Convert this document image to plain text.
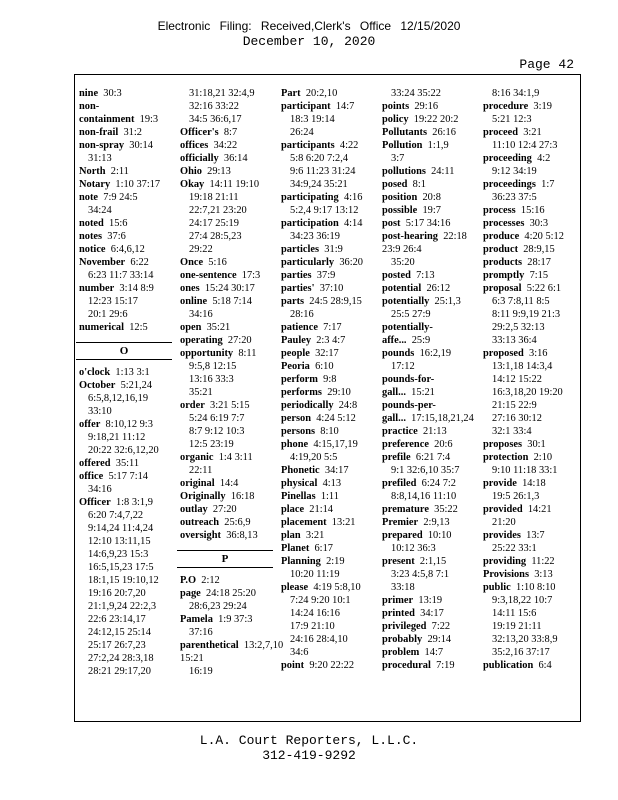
Electronic Filing: Received,Clerk's Office 12/15/2020
December 10, 2020
Page 42
nine 30:3
non-containment 19:3
non-frail 31:2
non-spray 30:14
31:13
North 2:11
Notary 1:10 37:17
note 7:9 24:5
34:24
noted 15:6
notes 37:6
notice 6:4,6,12
November 6:22
6:23 11:7 33:14
number 3:14 8:9
12:23 15:17
20:1 29:6
numerical 12:5
O
o'clock 1:13 3:1
October 5:21,24
6:5,8,12,16,19
33:10
offer 8:10,12 9:3
9:18,21 11:12
20:22 32:6,12,20
offered 35:11
office 5:17 7:14
34:16
Officer 1:8 3:1,9
6:20 7:4,7,22
9:14,24 11:4,24
12:10 13:11,15
14:6,9,23 15:3
16:5,15,23 17:5
18:1,15 19:10,12
19:16 20:7,20
21:1,9,24 22:2,3
22:6 23:14,17
24:12,15 25:14
25:17 26:7,23
27:2,24 28:3,18
28:21 29:17,20
31:18,21 32:4,9
32:16 33:22
34:5 36:6,17
Officer's 8:7
offices 34:22
officially 36:14
Ohio 29:13
Okay 14:11 19:10
19:18 21:11
22:7,21 23:20
24:17 25:19
27:4 28:5,23
29:22
Once 5:16
one-sentence 17:3
ones 15:24 30:17
online 5:18 7:14
34:16
open 35:21
operating 27:20
opportunity 8:11
9:5,8 12:15
13:16 33:3
35:21
order 3:21 5:15
5:24 6:19 7:7
8:7 9:12 10:3
12:5 23:19
organic 1:4 3:11
22:11
original 14:4
Originally 16:18
outlay 27:20
outreach 25:6,9
oversight 36:8,13
P
P.O 2:12
page 24:18 25:20
28:6,23 29:24
Pamela 1:9 37:3
37:16
parenthetical 13:2,7,10 15:21
16:19
Part 20:2,10
participant 14:7
18:3 19:14
26:24
participants 4:22
5:8 6:20 7:2,4
9:6 11:23 31:24
34:9,24 35:21
participating 4:16
5:2,4 9:17 13:12
participation 4:14
34:23 36:19
particles 31:9
particularly 36:20
parties 37:9
parties' 37:10
parts 24:5 28:9,15
28:16
patience 7:17
Pauley 2:3 4:7
people 32:17
Peoria 6:10
perform 9:8
performs 29:10
periodically 24:8
person 4:24 5:12
persons 8:10
phone 4:15,17,19
4:19,20 5:5
Phonetic 34:17
physical 4:13
Pinellas 1:11
place 21:14
placement 13:21
plan 3:21
Planet 6:17
Planning 2:19
10:20 11:19
please 4:19 5:8,10
7:24 9:20 10:1
14:24 16:16
17:9 21:10
24:16 28:4,10
34:6
point 9:20 22:22
33:24 35:22
points 29:16
policy 19:22 20:2
Pollutants 26:16
Pollution 1:1,9
3:7
pollutions 24:11
posed 8:1
position 20:8
possible 19:7
post 5:17 34:16
post-hearing 22:18 23:9 26:4
35:20
posted 7:13
potential 26:12
potentially 25:1,3
25:5 27:9
potentially-affe... 25:9
pounds 16:2,19
17:12
pounds-for-gall... 15:21
pounds-per-gall... 17:15,18,21,24
practice 21:13
preference 20:6
prefile 6:21 7:4
9:1 32:6,10 35:7
prefiled 6:24 7:2
8:8,14,16 11:10
premature 35:22
Premier 2:9,13
prepared 10:10
10:12 36:3
present 2:1,15
3:23 4:5,8 7:1
33:18
primer 13:19
printed 34:17
privileged 7:22
probably 29:14
problem 14:7
procedural 7:19
8:16 34:1,9
procedure 3:19
5:21 12:3
proceed 3:21
11:10 12:4 27:3
proceeding 4:2
9:12 34:19
proceedings 1:7
36:23 37:5
process 15:16
processes 30:3
produce 4:20 5:12
product 28:9,15
products 28:17
promptly 7:15
proposal 5:22 6:1
6:3 7:8,11 8:5
8:11 9:9,19 21:3
29:2,5 32:13
33:13 36:4
proposed 3:16
13:1,18 14:3,4
14:12 15:22
16:3,18,20 19:20
21:15 22:9
27:16 30:12
32:1 33:4
proposes 30:1
protection 2:10
9:10 11:18 33:1
provide 14:18
19:5 26:1,3
provided 14:21
21:20
provides 13:7
25:22 33:1
providing 11:22
Provisions 3:13
public 1:10 8:10
9:3,18,22 10:7
14:11 15:6
19:19 21:11
32:13,20 33:8,9
35:2,16 37:17
publication 6:4
L.A. Court Reporters, L.L.C.
312-419-9292
